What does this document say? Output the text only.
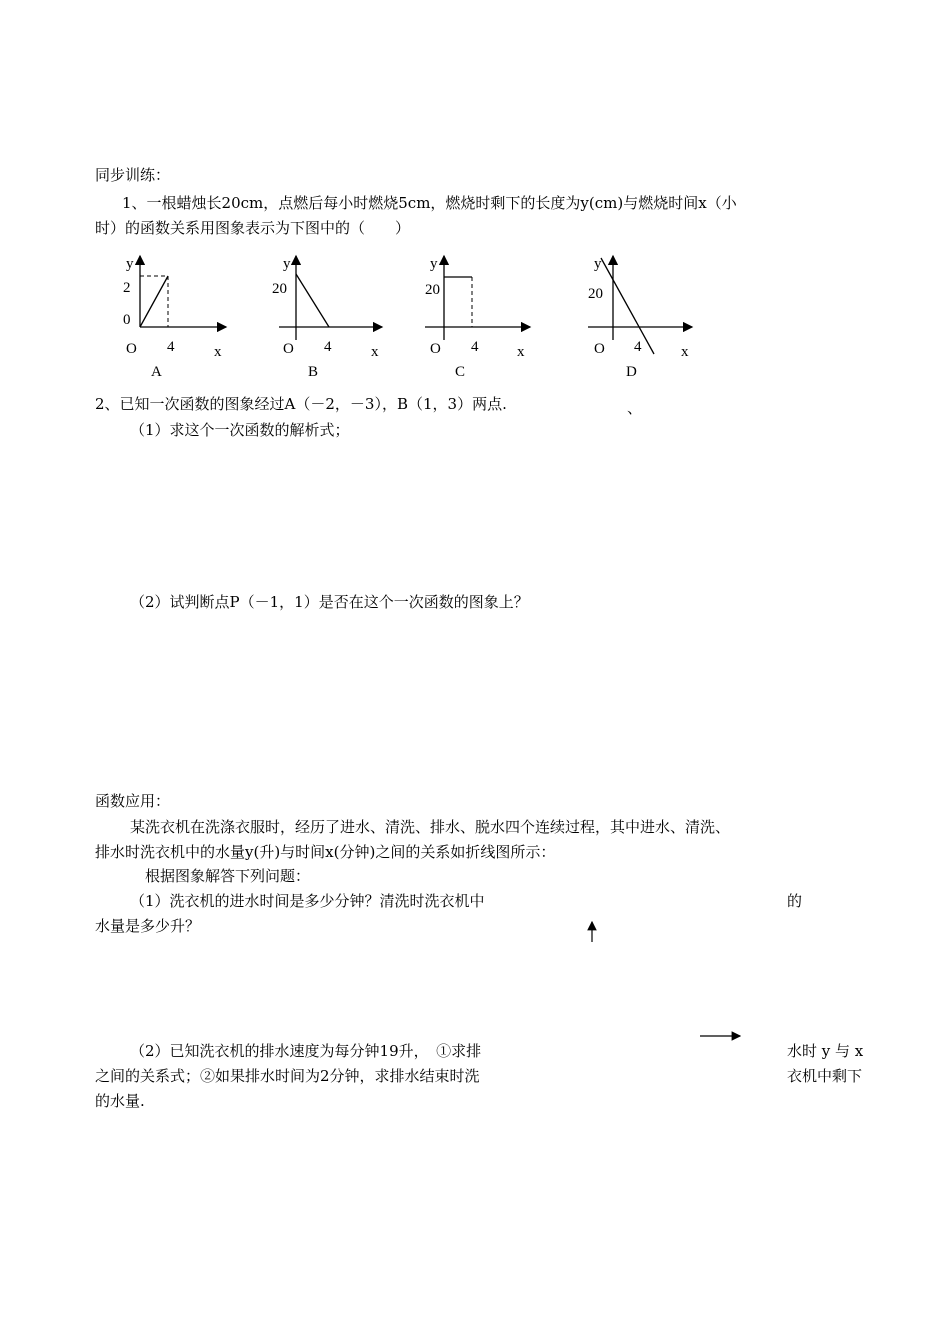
同步训练：
1、一根蜡烛长20cm，点燃后每小时燃烧5cm，燃烧时剩下的长度为y(cm)与燃烧时间x（小
时）的函数关系用图象表示为下图中的（　　）
y
2
0
O 4	x
A
y
20
O 4	x
B
y
20
O 4	x
C
y
20
O 4	x
D
2、已知一次函数的图象经过A（－2，－3），B（1，3）两点.	、
（1）求这个一次函数的解析式；
（2）试判断点P（－1，1）是否在这个一次函数的图象上？
函数应用：
某洗衣机在洗涤衣服时，经历了进水、清洗、排水、脱水四个连续过程，其中进水、清洗、
排水时洗衣机中的水量y(升)与时间x(分钟)之间的关系如折线图所示：
根据图象解答下列问题：
（1）洗衣机的进水时间是多少分钟？清洗时洗衣机中	的
水量是多少升？
（2）已知洗衣机的排水速度为每分钟19升，　①求排	水时 y 与 x
之间的关系式；②如果排水时间为2分钟，求排水结束时洗	衣机中剩下
的水量.
